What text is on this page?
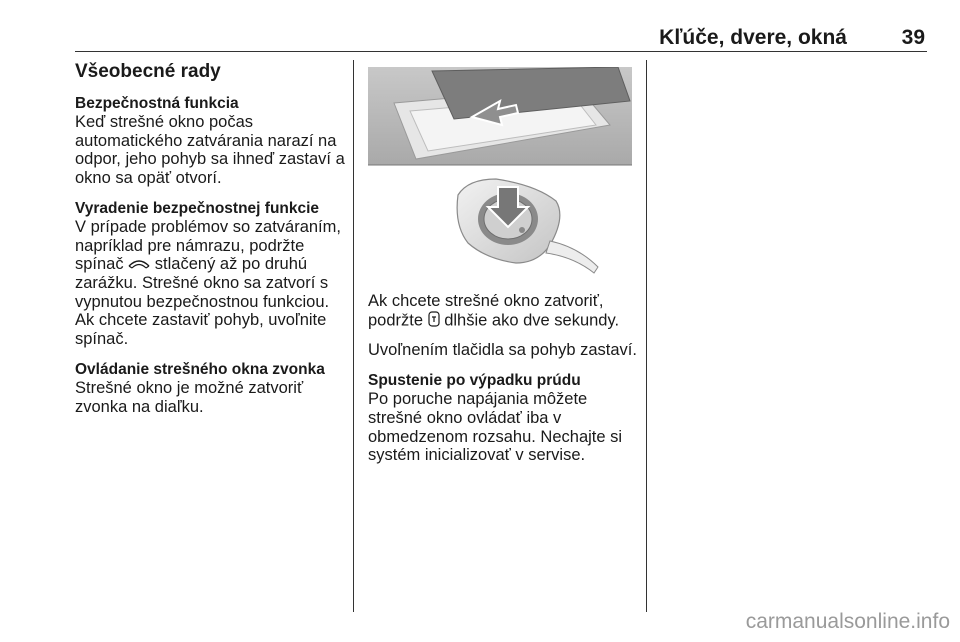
Kľúče, dvere, okná	39
Všeobecné rady
Bezpečnostná funkcia

Keď strešné okno počas
automatického zatvárania narazí na
odpor, jeho pohyb sa ihneď zastaví a
okno sa opäť otvorí.

Vyradenie bezpečnostnej funkcie

V prípade problémov so zatváraním,
napríklad pre námrazu, podržte
spínač  stlačený až po druhú
zarážku. Strešné okno sa zatvorí s
vypnutou bezpečnostnou funkciou.
Ak chcete zastaviť pohyb, uvoľnite
spínač.

Ovládanie strešného okna zvonka

Strešné okno je možné zatvoriť
zvonka na diaľku.

Ak chcete strešné okno zatvoriť,
podržte  dlhšie ako dve sekundy.

Uvoľnením tlačidla sa pohyb zastaví.

Spustenie po výpadku prúdu

Po poruche napájania môžete
strešné okno ovládať iba v
obmedzenom rozsahu. Nechajte si
systém inicializovať v servise.

carmanualsonline.info
